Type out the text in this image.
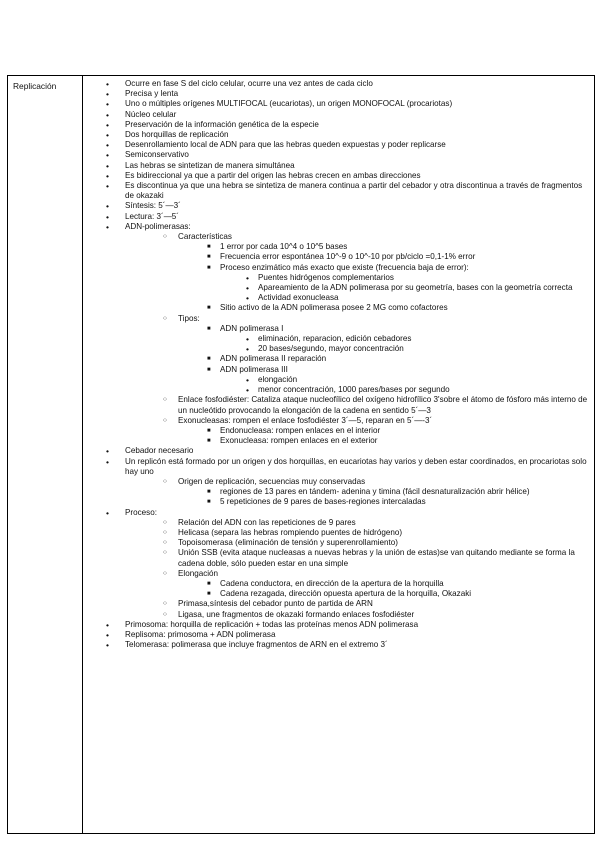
Replicación
•	Ocurre en fase S del ciclo celular, ocurre una vez antes de cada ciclo
• Precisa y lenta
• Uno o múltiples orígenes MULTIFOCAL (eucariotas), un origen MONOFOCAL (procariotas)
• Núcleo celular
• Preservación de la información genética de la especie
• Dos horquillas de replicación
• Desenrollamiento local de ADN para que las hebras queden expuestas y poder replicarse
• Semiconservativo
• Las hebras se sintetizan de manera simultánea
• Es bidireccional ya que a partir del origen las hebras crecen en ambas direcciones
• Es discontinua ya que una hebra se sintetiza de manera continua a partir del cebador y otra discontinua a través de fragmentos de okazaki
• Síntesis: 5´—3´
• Lectura: 3´—5´
• ADN-polimerasas:
○ Características
■ 1 error por cada 10^4 o 10^5 bases
■ Frecuencia error espontánea 10^-9 o 10^-10 por pb/ciclo =0,1-1% error
■ Proceso enzimático más exacto que existe (frecuencia baja de error):
• Puentes hidrógenos complementarios
• Apareamiento de la ADN polimerasa por su geometría, bases con la geometría correcta
• Actividad exonucleasa
■ Sitio activo de la ADN polimerasa posee 2 MG como cofactores
○ Tipos:
■ ADN polimerasa I
• eliminación, reparacion, edición cebadores
• 20 bases/segundo, mayor concentración
■ ADN polimerasa II reparación
■ ADN polimerasa III
• elongación
• menor concentración, 1000 pares/bases por segundo
○ Enlace fosfodiéster: Cataliza ataque nucleofílico del oxígeno hidrofílico 3'sobre el átomo de fósforo más interno de un nucleótido provocando la elongación de la cadena en sentido 5´—3
○ Exonucleasas: rompen el enlace fosfodiéster 3´—5, reparan en 5´—-3´
■ Endonucleasa: rompen enlaces en el interior
■ Exonucleasa: rompen enlaces en el exterior
• Cebador necesario
• Un replicón está formado por un origen y dos horquillas, en eucariotas hay varios y deben estar coordinados, en procariotas solo hay uno
○ Origen de replicación, secuencias muy conservadas
■ regiones de 13 pares en tándem- adenina y timina (fácil desnaturalización abrir hélice)
■ 5 repeticiones de 9 pares de bases-regiones intercaladas
• Proceso:
○ Relación del ADN con las repeticiones de 9 pares
○ Helicasa (separa las hebras rompiendo puentes de hidrógeno)
○ Topoisomerasa (eliminación de tensión y superenrollamiento)
○ Unión SSB (evita ataque nucleasas a nuevas hebras y la unión de estas)se van quitando mediante se forma la cadena doble, sólo pueden estar en una simple
○ Elongación
■ Cadena conductora, en dirección de la apertura de la horquilla
■ Cadena rezagada, dirección opuesta apertura de la horquilla, Okazaki
○ Primasa,síntesis del cebador punto de partida de ARN
○ Ligasa, une fragmentos de okazaki formando enlaces fosfodiéster
• Primosoma: horquilla de replicación + todas las proteínas menos ADN polimerasa
• Replisoma: primosoma + ADN polimerasa
• Telomerasa: polimerasa que incluye fragmentos de ARN en el extremo 3´
